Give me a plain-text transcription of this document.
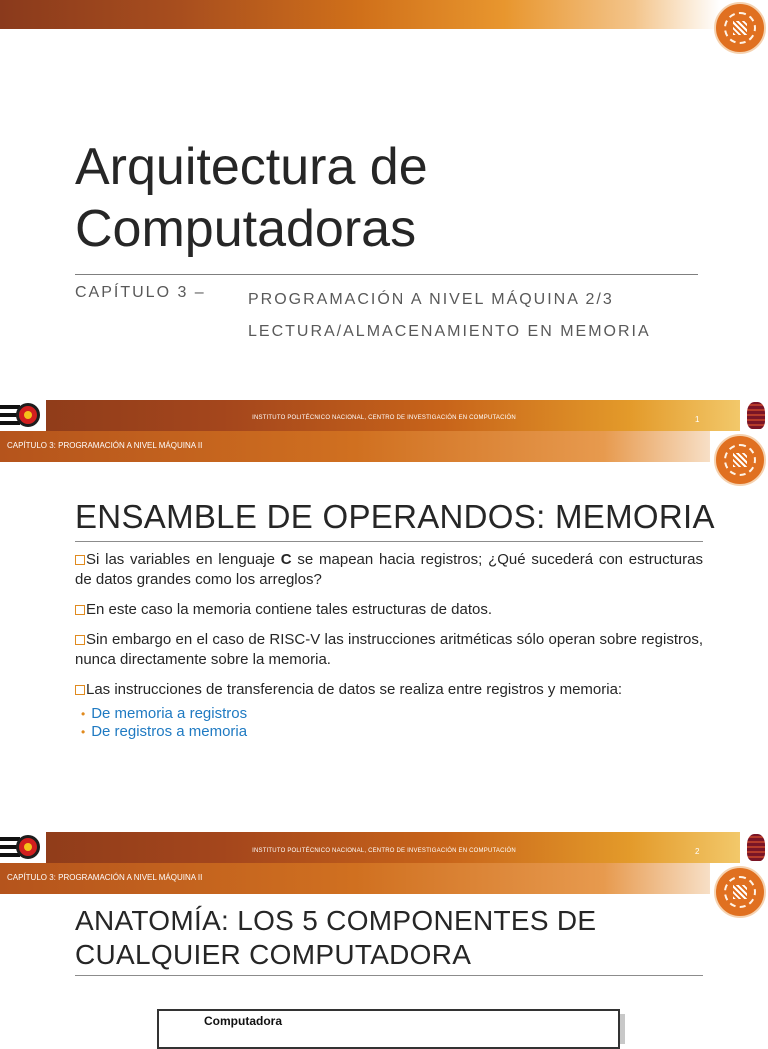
Arquitectura de
Computadoras
CAPÍTULO 3 –	PROGRAMACIÓN A NIVEL MÁQUINA 2/3
LECTURA/ALMACENAMIENTO EN MEMORIA
INSTITUTO POLITÉCNICO NACIONAL, CENTRO DE INVESTIGACIÓN EN COMPUTACIÓN	1
CAPÍTULO 3: PROGRAMACIÓN A NIVEL MÁQUINA II
ENSAMBLE DE OPERANDOS: MEMORIA

Si las variables en lenguaje C se mapean hacia registros; ¿Qué sucederá con estructuras de datos grandes como los arreglos?

En este caso la memoria contiene tales estructuras de datos.

Sin embargo en el caso de RISC-V las instrucciones aritméticas sólo operan sobre registros, nunca directamente sobre la memoria.

Las instrucciones de transferencia de datos se realiza entre registros y memoria:

• De memoria a registros

• De registros a memoria

INSTITUTO POLITÉCNICO NACIONAL, CENTRO DE INVESTIGACIÓN EN COMPUTACIÓN	2
CAPÍTULO 3: PROGRAMACIÓN A NIVEL MÁQUINA II
ANATOMÍA: LOS 5 COMPONENTES DE
CUALQUIER COMPUTADORA
Computadora
